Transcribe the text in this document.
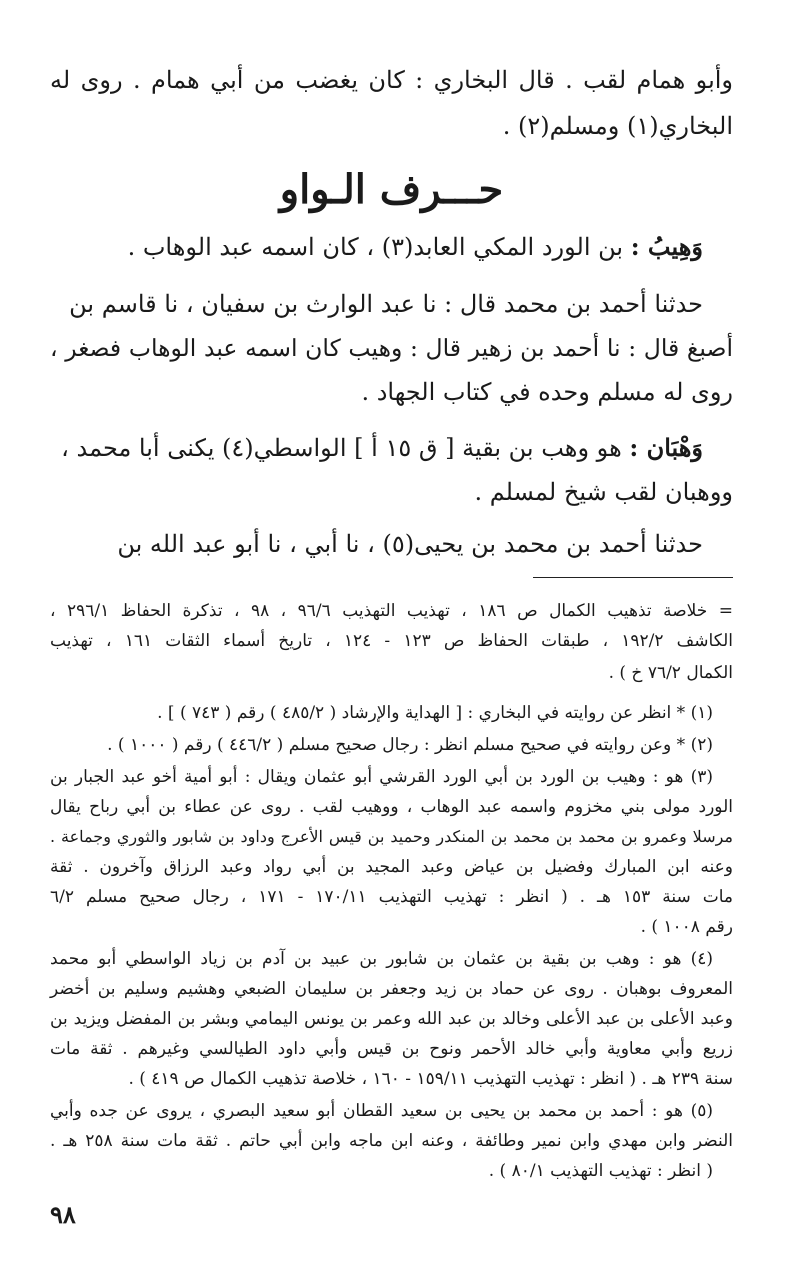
وأبو همام لقب . قال البخاري : كان يغضب من أبي همام . روى له
البخاري(١) ومسلم(٢) .
حـــرف الـواو
وَهِيبُ : بن الورد المكي العابد(٣) ، كان اسمه عبد الوهاب .
حدثنا أحمد بن محمد قال : نا عبد الوارث بن سفيان ، نا قاسم بن
أصبغ قال : نا أحمد بن زهير قال : وهيب كان اسمه عبد الوهاب فصغر ،
روى له مسلم وحده في كتاب الجهاد .
وَهْبَان : هو وهب بن بقية [ ق ١٥ أ ] الواسطي(٤) يكنى أبا محمد ،
ووهبان لقب شيخ لمسلم .
حدثنا أحمد بن محمد بن يحيى(٥) ، نا أبي ، نا أبو عبد الله بن
= خلاصة تذهيب الكمال ص ١٨٦ ، تهذيب التهذيب ٩٦/٦ ، ٩٨ ، تذكرة الحفاظ ٢٩٦/١ ،
الكاشف ١٩٢/٢ ، طبقات الحفاظ ص ١٢٣ - ١٢٤ ، تاريخ أسماء الثقات ١٦١ ، تهذيب
الكمال ٧٦/٢ خ ) .
(١) * انظر عن روايته في البخاري : [ الهداية والإرشاد ( ٤٨٥/٢ ) رقم ( ٧٤٣ ) ] .
(٢) * وعن روايته في صحيح مسلم انظر : رجال صحيح مسلم ( ٤٤٦/٢ ) رقم ( ١٠٠٠ ) .
(٣) هو : وهيب بن الورد بن أبي الورد القرشي أبو عثمان ويقال : أبو أمية أخو عبد الجبار بن
الورد مولى بني مخزوم واسمه عبد الوهاب ، ووهيب لقب . روى عن عطاء بن أبي رباح يقال
مرسلا وعمرو بن محمد بن محمد بن المنكدر وحميد بن قيس الأعرج وداود بن شابور والثوري وجماعة .
وعنه ابن المبارك وفضيل بن عياض وعبد المجيد بن أبي رواد وعبد الرزاق وآخرون . ثقة
مات سنة ١٥٣ هـ . ( انظر : تهذيب التهذيب ١٧٠/١١ - ١٧١ ، رجال صحيح مسلم ٦/٢
رقم ١٠٠٨ ) .
(٤) هو : وهب بن بقية بن عثمان بن شابور بن عبيد بن آدم بن زياد الواسطي أبو محمد
المعروف بوهبان . روى عن حماد بن زيد وجعفر بن سليمان الضبعي وهشيم وسليم بن أخضر
وعبد الأعلى بن عبد الأعلى وخالد بن عبد الله وعمر بن يونس اليمامي وبشر بن المفضل ويزيد بن
زريع وأبي معاوية وأبي خالد الأحمر ونوح بن قيس وأبي داود الطيالسي وغيرهم . ثقة مات
سنة ٢٣٩ هـ . ( انظر : تهذيب التهذيب ١٥٩/١١ - ١٦٠ ، خلاصة تذهيب الكمال ص ٤١٩ ) .
(٥) هو : أحمد بن محمد بن يحيى بن سعيد القطان أبو سعيد البصري ، يروى عن جده وأبي
النضر وابن مهدي وابن نمير وطائفة ، وعنه ابن ماجه وابن أبي حاتم . ثقة مات سنة ٢٥٨ هـ .
( انظر : تهذيب التهذيب ٨٠/١ ) .
٩٨
